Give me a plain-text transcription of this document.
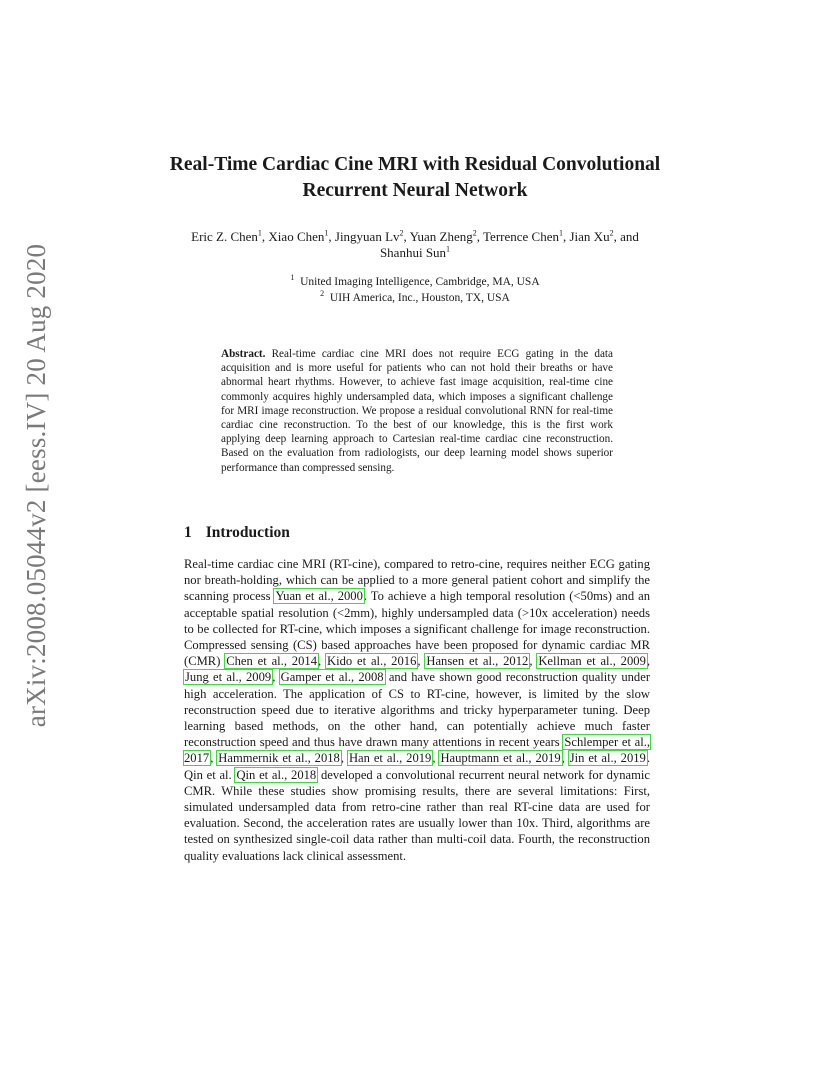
arXiv:2008.05044v2 [eess.IV] 20 Aug 2020
Real-Time Cardiac Cine MRI with Residual Convolutional Recurrent Neural Network

Eric Z. Chen$^1$, Xiao Chen$^1$, Jingyuan Lv$^2$, Yuan Zheng$^2$, Terrence Chen$^1$, Jian Xu$^2$, and Shanhui Sun$^1$

$^1$  United Imaging Intelligence, Cambridge, MA, USA
$^2$  UIH America, Inc., Houston, TX, USA

Abstract. Real-time cardiac cine MRI does not require ECG gating in the data acquisition and is more useful for patients who can not hold their breaths or have abnormal heart rhythms. However, to achieve fast image acquisition, real-time cine commonly acquires highly undersampled data, which imposes a significant challenge for MRI image reconstruction. We propose a residual convolutional RNN for real-time cardiac cine reconstruction. To the best of our knowledge, this is the first work applying deep learning approach to Cartesian real-time cardiac cine reconstruction. Based on the evaluation from radiologists, our deep learning model shows superior performance than compressed sensing.

1 Introduction

Real-time cardiac cine MRI (RT-cine), compared to retro-cine, requires neither ECG gating nor breath-holding, which can be applied to a more general patient cohort and simplify the scanning process Yuan et al., 2000. To achieve a high temporal resolution (<50ms) and an acceptable spatial resolution (<2mm), highly undersampled data (>10x acceleration) needs to be collected for RT-cine, which imposes a significant challenge for image reconstruction. Compressed sensing (CS) based approaches have been proposed for dynamic cardiac MR (CMR) Chen et al., 2014, Kido et al., 2016, Hansen et al., 2012, Kellman et al., 2009, Jung et al., 2009, Gamper et al., 2008 and have shown good reconstruction quality under high acceleration. The application of CS to RT-cine, however, is limited by the slow reconstruction speed due to iterative algorithms and tricky hyperparameter tuning. Deep learning based methods, on the other hand, can potentially achieve much faster reconstruction speed and thus have drawn many attentions in recent years Schlemper et al., 2017, Hammernik et al., 2018, Han et al., 2019, Hauptmann et al., 2019, Jin et al., 2019. Qin et al. Qin et al., 2018 developed a convolutional recurrent neural network for dynamic CMR. While these studies show promising results, there are several limitations: First, simulated undersampled data from retro-cine rather than real RT-cine data are used for evaluation. Second, the acceleration rates are usually lower than 10x. Third, algorithms are tested on synthesized single-coil data rather than multi-coil data. Fourth, the reconstruction quality evaluations lack clinical assessment.
